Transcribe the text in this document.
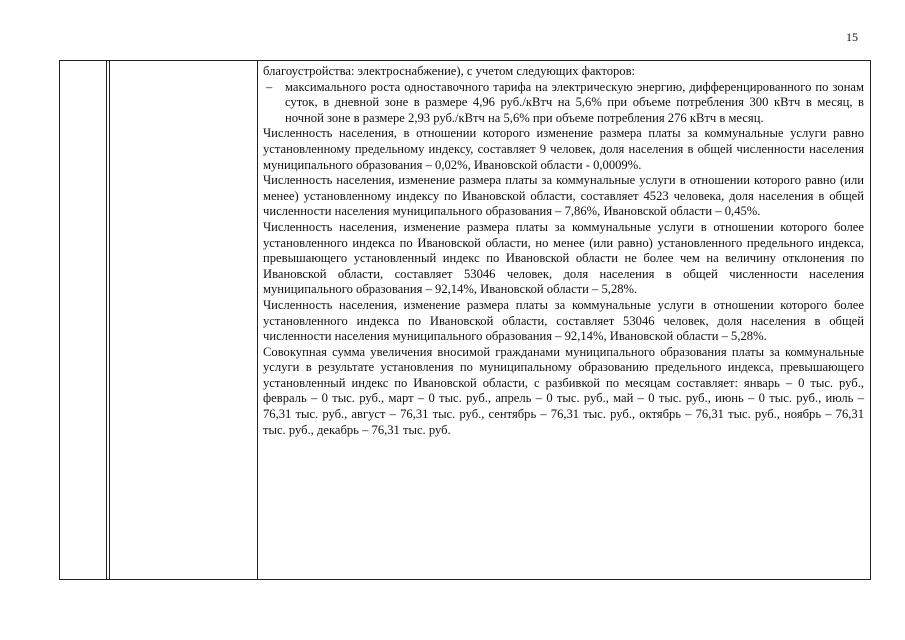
15

благоустройства: электроснабжение), с учетом следующих факторов:

– максимального роста одноставочного тарифа на электрическую энергию, дифференцированного по зонам суток, в дневной зоне в размере 4,96 руб./кВтч на 5,6% при объеме потребления 300 кВтч в месяц, в ночной зоне в размере 2,93 руб./кВтч на 5,6% при объеме потребления 276 кВтч в месяц.

Численность населения, в отношении которого изменение размера платы за коммунальные услуги равно установленному предельному индексу, составляет 9 человек, доля населения в общей численности населения муниципального образования – 0,02%, Ивановской области - 0,0009%.

Численность населения, изменение размера платы за коммунальные услуги в отношении которого равно (или менее) установленному индексу по Ивановской области, составляет 4523 человека, доля населения в общей численности населения муниципального образования – 7,86%, Ивановской области – 0,45%.

Численность населения, изменение размера платы за коммунальные услуги в отношении которого более установленного индекса по Ивановской области, но менее (или равно) установленного предельного индекса, превышающего установленный индекс по Ивановской области не более чем на величину отклонения по Ивановской области, составляет 53046 человек, доля населения в общей численности населения муниципального образования – 92,14%, Ивановской области – 5,28%.

Численность населения, изменение размера платы за коммунальные услуги в отношении которого более установленного индекса по Ивановской области, составляет 53046 человек, доля населения в общей численности населения муниципального образования – 92,14%, Ивановской области – 5,28%.

Совокупная сумма увеличения вносимой гражданами муниципального образования платы за коммунальные услуги в результате установления по муниципальному образованию предельного индекса, превышающего установленный индекс по Ивановской области, с разбивкой по месяцам составляет: январь – 0 тыс. руб., февраль – 0 тыс. руб., март – 0 тыс. руб., апрель – 0 тыс. руб., май – 0 тыс. руб., июнь – 0 тыс. руб., июль – 76,31 тыс. руб., август – 76,31 тыс. руб., сентябрь – 76,31 тыс. руб., октябрь – 76,31 тыс. руб., ноябрь – 76,31 тыс. руб., декабрь – 76,31 тыс. руб.
